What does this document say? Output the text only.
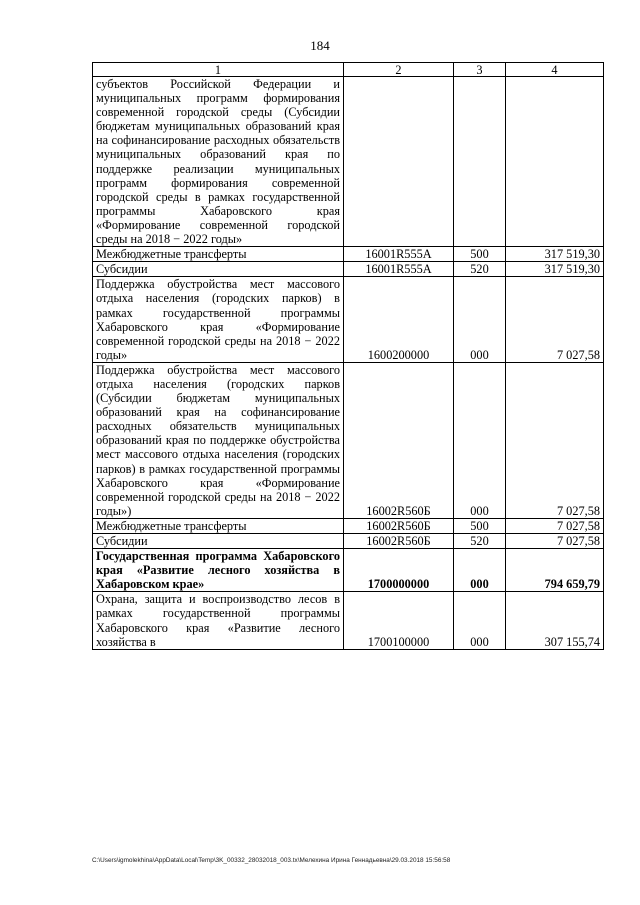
184
1	2	3	4
субъектов Российской Федерации и муниципальных программ формирования современной городской среды (Субсидии бюджетам муниципальных образований края на софинансирование расходных обязательств муниципальных образований края по поддержке реализации муниципальных программ формирования современной городской среды в рамках государственной программы Хабаровского края «Формирование современной городской среды на 2018 − 2022 годы»			
Межбюджетные трансферты	16001R555А	500	317 519,30
Субсидии	16001R555А	520	317 519,30
Поддержка обустройства мест массового отдыха населения (городских парков) в рамках государственной программы Хабаровского края «Формирование современной городской среды на 2018 − 2022 годы»	1600200000	000	7 027,58
Поддержка обустройства мест массового отдыха населения (городских парков (Субсидии бюджетам муниципальных образований края на софинансирование расходных обязательств муниципальных образований края по поддержке обустройства мест массового отдыха населения (городских парков) в рамках государственной программы Хабаровского края «Формирование современной городской среды на 2018 − 2022 годы»)	16002R560Б	000	7 027,58
Межбюджетные трансферты	16002R560Б	500	7 027,58
Субсидии	16002R560Б	520	7 027,58
Государственная программа Хабаровского края «Развитие лесного хозяйства в Хабаровском крае»	1700000000	000	794 659,79
Охрана, защита и воспроизводство лесов в рамках государственной программы Хабаровского края «Развитие лесного хозяйства в	1700100000	000	307 155,74
C:\Users\igmolekhina\AppData\Local\Temp\3K_00332_28032018_003.tx\Мелехина Ирина Геннадьевна\29.03.2018 15:56:58
